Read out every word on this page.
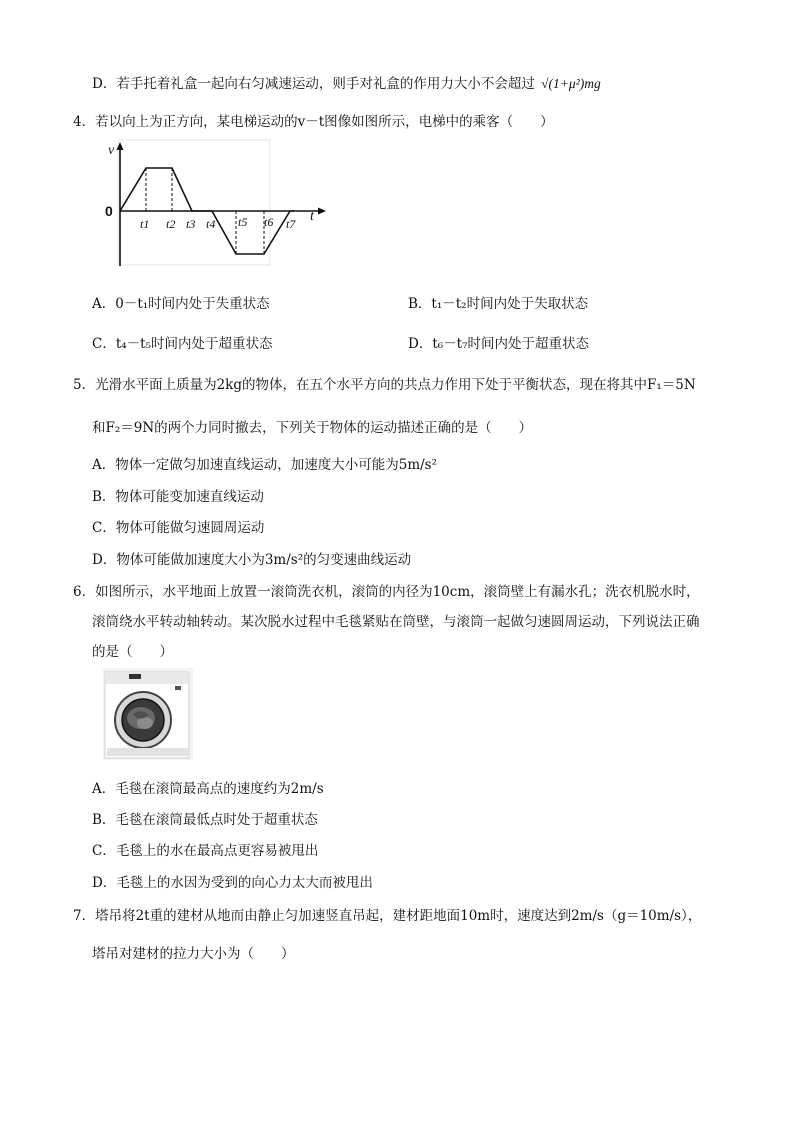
D．若手托着礼盒一起向右匀减速运动，则手对礼盒的作用力大小不会超过 √(1+μ²)mg
4．若以向上为正方向，某电梯运动的v－t图像如图所示，电梯中的乘客（　　）
v
t
0
t1 t2 t3 t4 t5 t6 t7
A．0－t₁时间内处于失重状态	B．t₁－t₂时间内处于失取状态
C．t₄－t₅时间内处于超重状态	D．t₆－t₇时间内处于超重状态
5．光滑水平面上质量为2kg的物体，在五个水平方向的共点力作用下处于平衡状态，现在将其中F₁＝5N
和F₂＝9N的两个力同时撤去，下列关于物体的运动描述正确的是（　　）
A．物体一定做匀加速直线运动，加速度大小可能为5m/s²
B．物体可能变加速直线运动
C．物体可能做匀速圆周运动
D．物体可能做加速度大小为3m/s²的匀变速曲线运动
6．如图所示，水平地面上放置一滚筒洗衣机，滚筒的内径为10cm，滚筒壁上有漏水孔；洗衣机脱水时，
滚筒绕水平转动轴转动。某次脱水过程中毛毯紧贴在筒壁，与滚筒一起做匀速圆周运动，下列说法正确
的是（　　）
A．毛毯在滚筒最高点的速度约为2m/s
B．毛毯在滚筒最低点时处于超重状态
C．毛毯上的水在最高点更容易被甩出
D．毛毯上的水因为受到的向心力太大而被甩出
7．塔吊将2t重的建材从地而由静止匀加速竖直吊起，建材距地面10m时，速度达到2m/s（g＝10m/s），
塔吊对建材的拉力大小为（　　）
